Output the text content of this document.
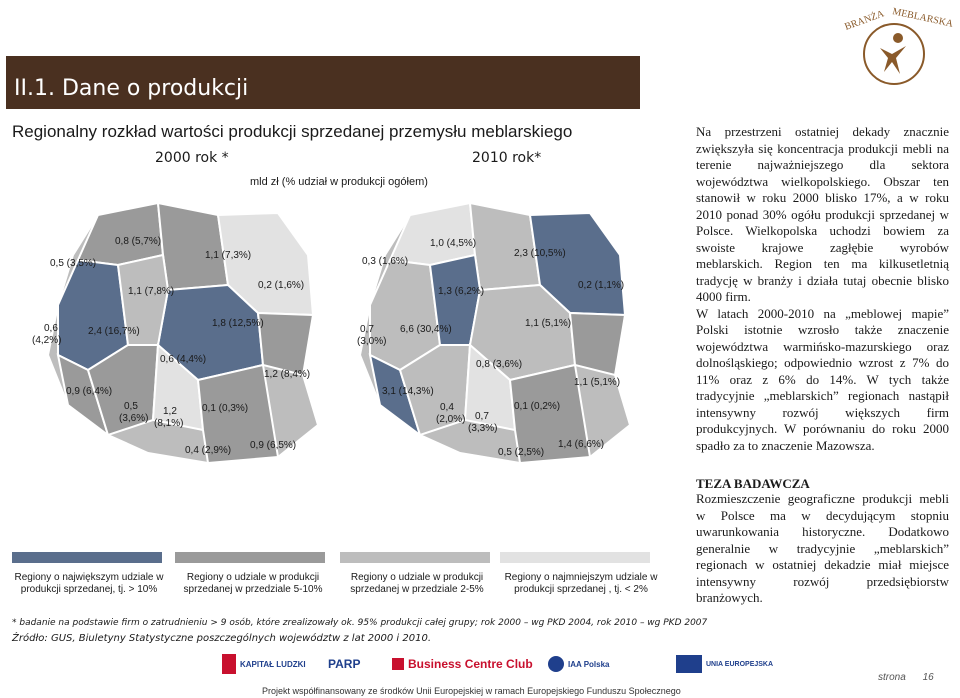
II.1. Dane o produkcji
BRANŻA MEBLARSKA
Regionalny rozkład wartości produkcji sprzedanej przemysłu meblarskiego
2000 rok *	2010 rok*
mld zł (% udział w produkcji ogółem)
0,8 (5,7%)
0,5 (3,5%)
1,1 (7,3%)
1,1 (7,8%)
0,2 (1,6%)
0,6
(4,2%)
2,4 (16,7%)
1,8 (12,5%)
0,6 (4,4%)
1,2 (8,4%)
0,9 (6,4%)
0,5
(3,6%)
1,2
(8,1%)
0,1 (0,3%)
0,4 (2,9%) 0,9 (6,5%)
1,0 (4,5%)
2,3 (10,5%)
0,3 (1,6%)
1,3 (6,2%)
0,2 (1,1%)
0,7
(3,0%)
6,6 (30,4%)
1,1 (5,1%)
0,8 (3,6%)
3,1 (14,3%)
1,1 (5,1%)
0,4
(2,0%) 0,7
(3,3%)
0,1 (0,2%)
0,5 (2,5%)
1,4 (6,6%)
Regiony o największym udziale w produkcji sprzedanej, tj. > 10%
Regiony o udziale w produkcji sprzedanej w przedziale 5-10%
Regiony o udziale w produkcji sprzedanej w przedziale 2-5%
Regiony o najmniejszym udziale w produkcji sprzedanej , tj. < 2%
* badanie na podstawie firm o zatrudnieniu > 9 osób, które zrealizowały ok. 95% produkcji całej grupy; rok 2000 – wg PKD 2004, rok 2010 – wg PKD 2007
Źródło: GUS, Biuletyny Statystyczne poszczególnych województw z lat 2000 i 2010.

Na przestrzeni ostatniej dekady znacznie zwiększyła się koncentracja produkcji mebli na terenie najważniejszego dla sektora województwa wielkopolskiego. Obszar ten stanowił w roku 2000 blisko 17%, a w roku 2010 ponad 30% ogółu produkcji sprzedanej w Polsce. Wielkopolska uchodzi bowiem za swoiste krajowe zagłębie wyrobów meblarskich. Region ten ma kilkusetletnią tradycję w branży i działa tutaj obecnie blisko 4000 firm.

W latach 2000-2010 na „meblowej mapie” Polski istotnie wzrosło także znaczenie województwa warmińsko-mazurskiego oraz dolnośląskiego; odpowiednio wzrost z 7% do 11% oraz z 6% do 14%. W tych także tradycyjnie „meblarskich” regionach nastąpił intensywny rozwój większych firm produkcyjnych. W porównaniu do roku 2000 spadło za to znaczenie Mazowsza.

TEZA BADAWCZA
Rozmieszczenie geograficzne produkcji mebli w Polsce ma w decydującym stopniu uwarunkowania historyczne. Dodatkowo generalnie w tradycyjnie „meblarskich” regionach w ostatniej dekadzie miał miejsce intensywny rozwój przedsiębiorstw branżowych.
KAPITAŁ LUDZKI PARP	Business Centre Club	IAA Polska	UNIA EUROPEJSKA
Projekt współfinansowany ze środków Unii Europejskiej w ramach Europejskiego Funduszu Społecznego
strona 16
